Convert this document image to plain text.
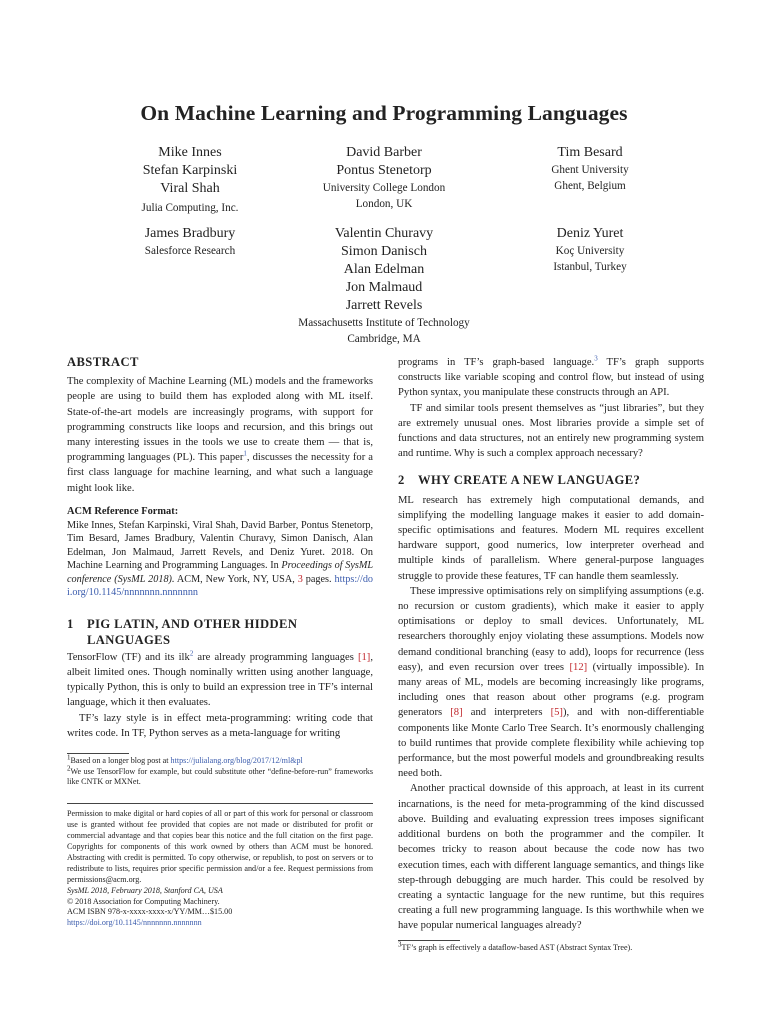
On Machine Learning and Programming Languages
Mike Innes
Stefan Karpinski
Viral Shah
Julia Computing, Inc.
David Barber
Pontus Stenetorp
University College London
London, UK
Tim Besard
Ghent University
Ghent, Belgium
James Bradbury
Salesforce Research
Valentin Churavy
Simon Danisch
Alan Edelman
Jon Malmaud
Jarrett Revels
Massachusetts Institute of Technology
Cambridge, MA
Deniz Yuret
Koç University
Istanbul, Turkey
ABSTRACT

The complexity of Machine Learning (ML) models and the frameworks people are using to build them has exploded along with ML itself. State-of-the-art models are increasingly programs, with support for programming constructs like loops and recursion, and this brings out many interesting issues in the tools we use to create them — that is, programming languages (PL). This paper$^1$, discusses the necessity for a first class language for machine learning, and what such a language might look like.

ACM Reference Format:

Mike Innes, Stefan Karpinski, Viral Shah, David Barber, Pontus Stenetorp, Tim Besard, James Bradbury, Valentin Churavy, Simon Danisch, Alan Edelman, Jon Malmaud, Jarrett Revels, and Deniz Yuret. 2018. On Machine Learning and Programming Languages. In Proceedings of SysML conference (SysML 2018). ACM, New York, NY, USA, 3 pages. https://doi.org/10.1145/nnnnnnn.nnnnnnn

1 PIG LATIN, AND OTHER HIDDEN
LANGUAGES

TensorFlow (TF) and its ilk$^2$ are already programming languages [1], albeit limited ones. Though nominally written using another language, typically Python, this is only to build an expression tree in TF’s internal language, which it then evaluates.

TF’s lazy style is in effect meta-programming: writing code that writes code. In TF, Python serves as a meta-language for writing

$^1$Based on a longer blog post at https://julialang.org/blog/2017/12/ml&pl

$^2$We use TensorFlow for example, but could substitute other “define-before-run” frameworks like CNTK or MXNet.

Permission to make digital or hard copies of all or part of this work for personal or classroom use is granted without fee provided that copies are not made or distributed for profit or commercial advantage and that copies bear this notice and the full citation on the first page. Copyrights for components of this work owned by others than ACM must be honored. Abstracting with credit is permitted. To copy otherwise, or republish, to post on servers or to redistribute to lists, requires prior specific permission and/or a fee. Request permissions from permissions@acm.org.

SysML 2018, February 2018, Stanford CA, USA

© 2018 Association for Computing Machinery.

ACM ISBN 978-x-xxxx-xxxx-x/YY/MM…$15.00

https://doi.org/10.1145/nnnnnnn.nnnnnnn

programs in TF’s graph-based language.$^3$ TF’s graph supports constructs like variable scoping and control flow, but instead of using Python syntax, you manipulate these constructs through an API.

TF and similar tools present themselves as “just libraries”, but they are extremely unusual ones. Most libraries provide a simple set of functions and data structures, not an entirely new programming system and runtime. Why is such a complex approach necessary?

2 WHY CREATE A NEW LANGUAGE?

ML research has extremely high computational demands, and simplifying the modelling language makes it easier to add domain-specific optimisations and features. Modern ML requires excellent hardware support, good numerics, low interpreter overhead and multiple kinds of parallelism. Where general-purpose languages struggle to provide these features, TF can handle them seamlessly.

These impressive optimisations rely on simplifying assumptions (e.g. no recursion or custom gradients), which make it easier to apply optimisations or deploy to small devices. Unfortunately, ML researchers thoroughly enjoy violating these assumptions. Models now demand conditional branching (easy to add), loops for recurrence (less easy), and even recursion over trees [12] (virtually impossible). In many areas of ML, models are becoming increasingly like programs, including ones that reason about other programs (e.g. program generators [8] and interpreters [5]), and with non-differentiable components like Monte Carlo Tree Search. It’s enormously challenging to build runtimes that provide complete flexibility while achieving top performance, but the most powerful models and groundbreaking results need both.

Another practical downside of this approach, at least in its current incarnations, is the need for meta-programming of the kind discussed above. Building and evaluating expression trees imposes significant additional burdens on both the programmer and the compiler. It becomes tricky to reason about because the code now has two execution times, each with different language semantics, and things like step-through debugging are much harder. This could be resolved by creating a syntactic language for the new runtime, but this requires creating a full new programming language. Is this worthwhile when we have popular numerical languages already?

$^3$TF’s graph is effectively a dataflow-based AST (Abstract Syntax Tree).
